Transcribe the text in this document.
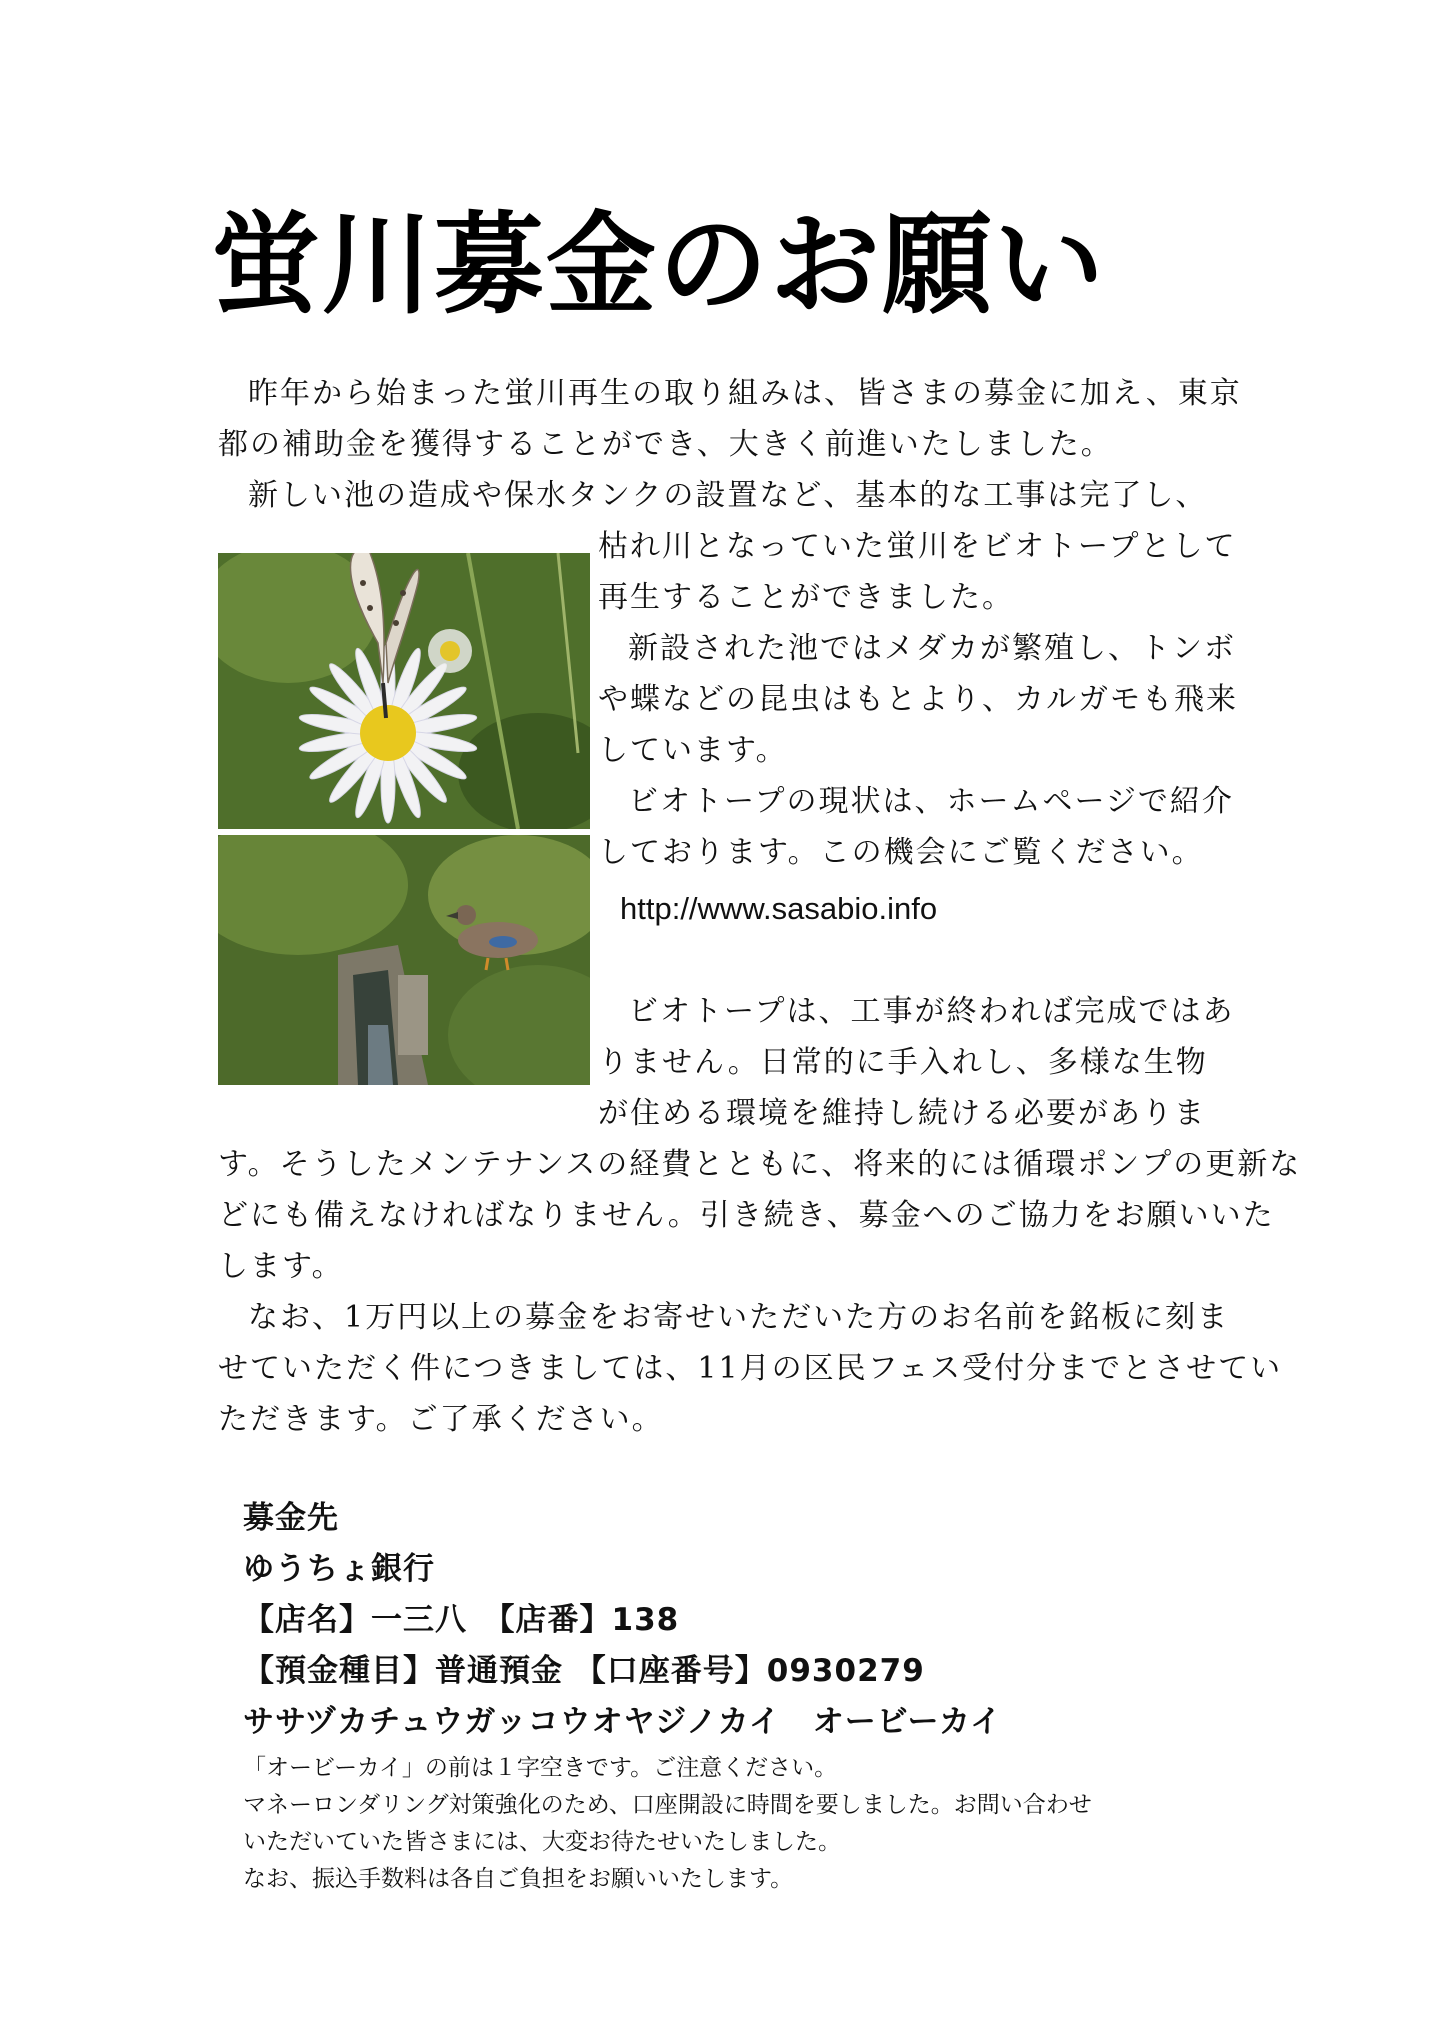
蛍川募金のお願い
昨年から始まった蛍川再生の取り組みは、皆さまの募金に加え、東京
都の補助金を獲得することができ、大きく前進いたしました。
新しい池の造成や保水タンクの設置など、基本的な工事は完了し、
枯れ川となっていた蛍川をビオトープとして
再生することができました。
新設された池ではメダカが繁殖し、トンボ
や蝶などの昆虫はもとより、カルガモも飛来
しています。
ビオトープの現状は、ホームページで紹介
しております。この機会にご覧ください。
ビオトープは、工事が終われば完成ではあ
りません。日常的に手入れし、多様な生物
が住める環境を維持し続ける必要がありま
す。そうしたメンテナンスの経費とともに、将来的には循環ポンプの更新な
どにも備えなければなりません。引き続き、募金へのご協力をお願いいた
します。
なお、1万円以上の募金をお寄せいただいた方のお名前を銘板に刻ま
せていただく件につきましては、11月の区民フェス受付分までとさせてい
ただきます。ご了承ください。
http://www.sasabio.info
募金先
ゆうちょ銀行
【店名】一三八　【店番】138
【預金種目】普通預金 【口座番号】0930279
ササヅカチュウガッコウオヤジノカイ　オービーカイ
「オービーカイ」の前は１字空きです。ご注意ください。
マネーロンダリング対策強化のため、口座開設に時間を要しました。お問い合わせ
いただいていた皆さまには、大変お待たせいたしました。
なお、振込手数料は各自ご負担をお願いいたします。
